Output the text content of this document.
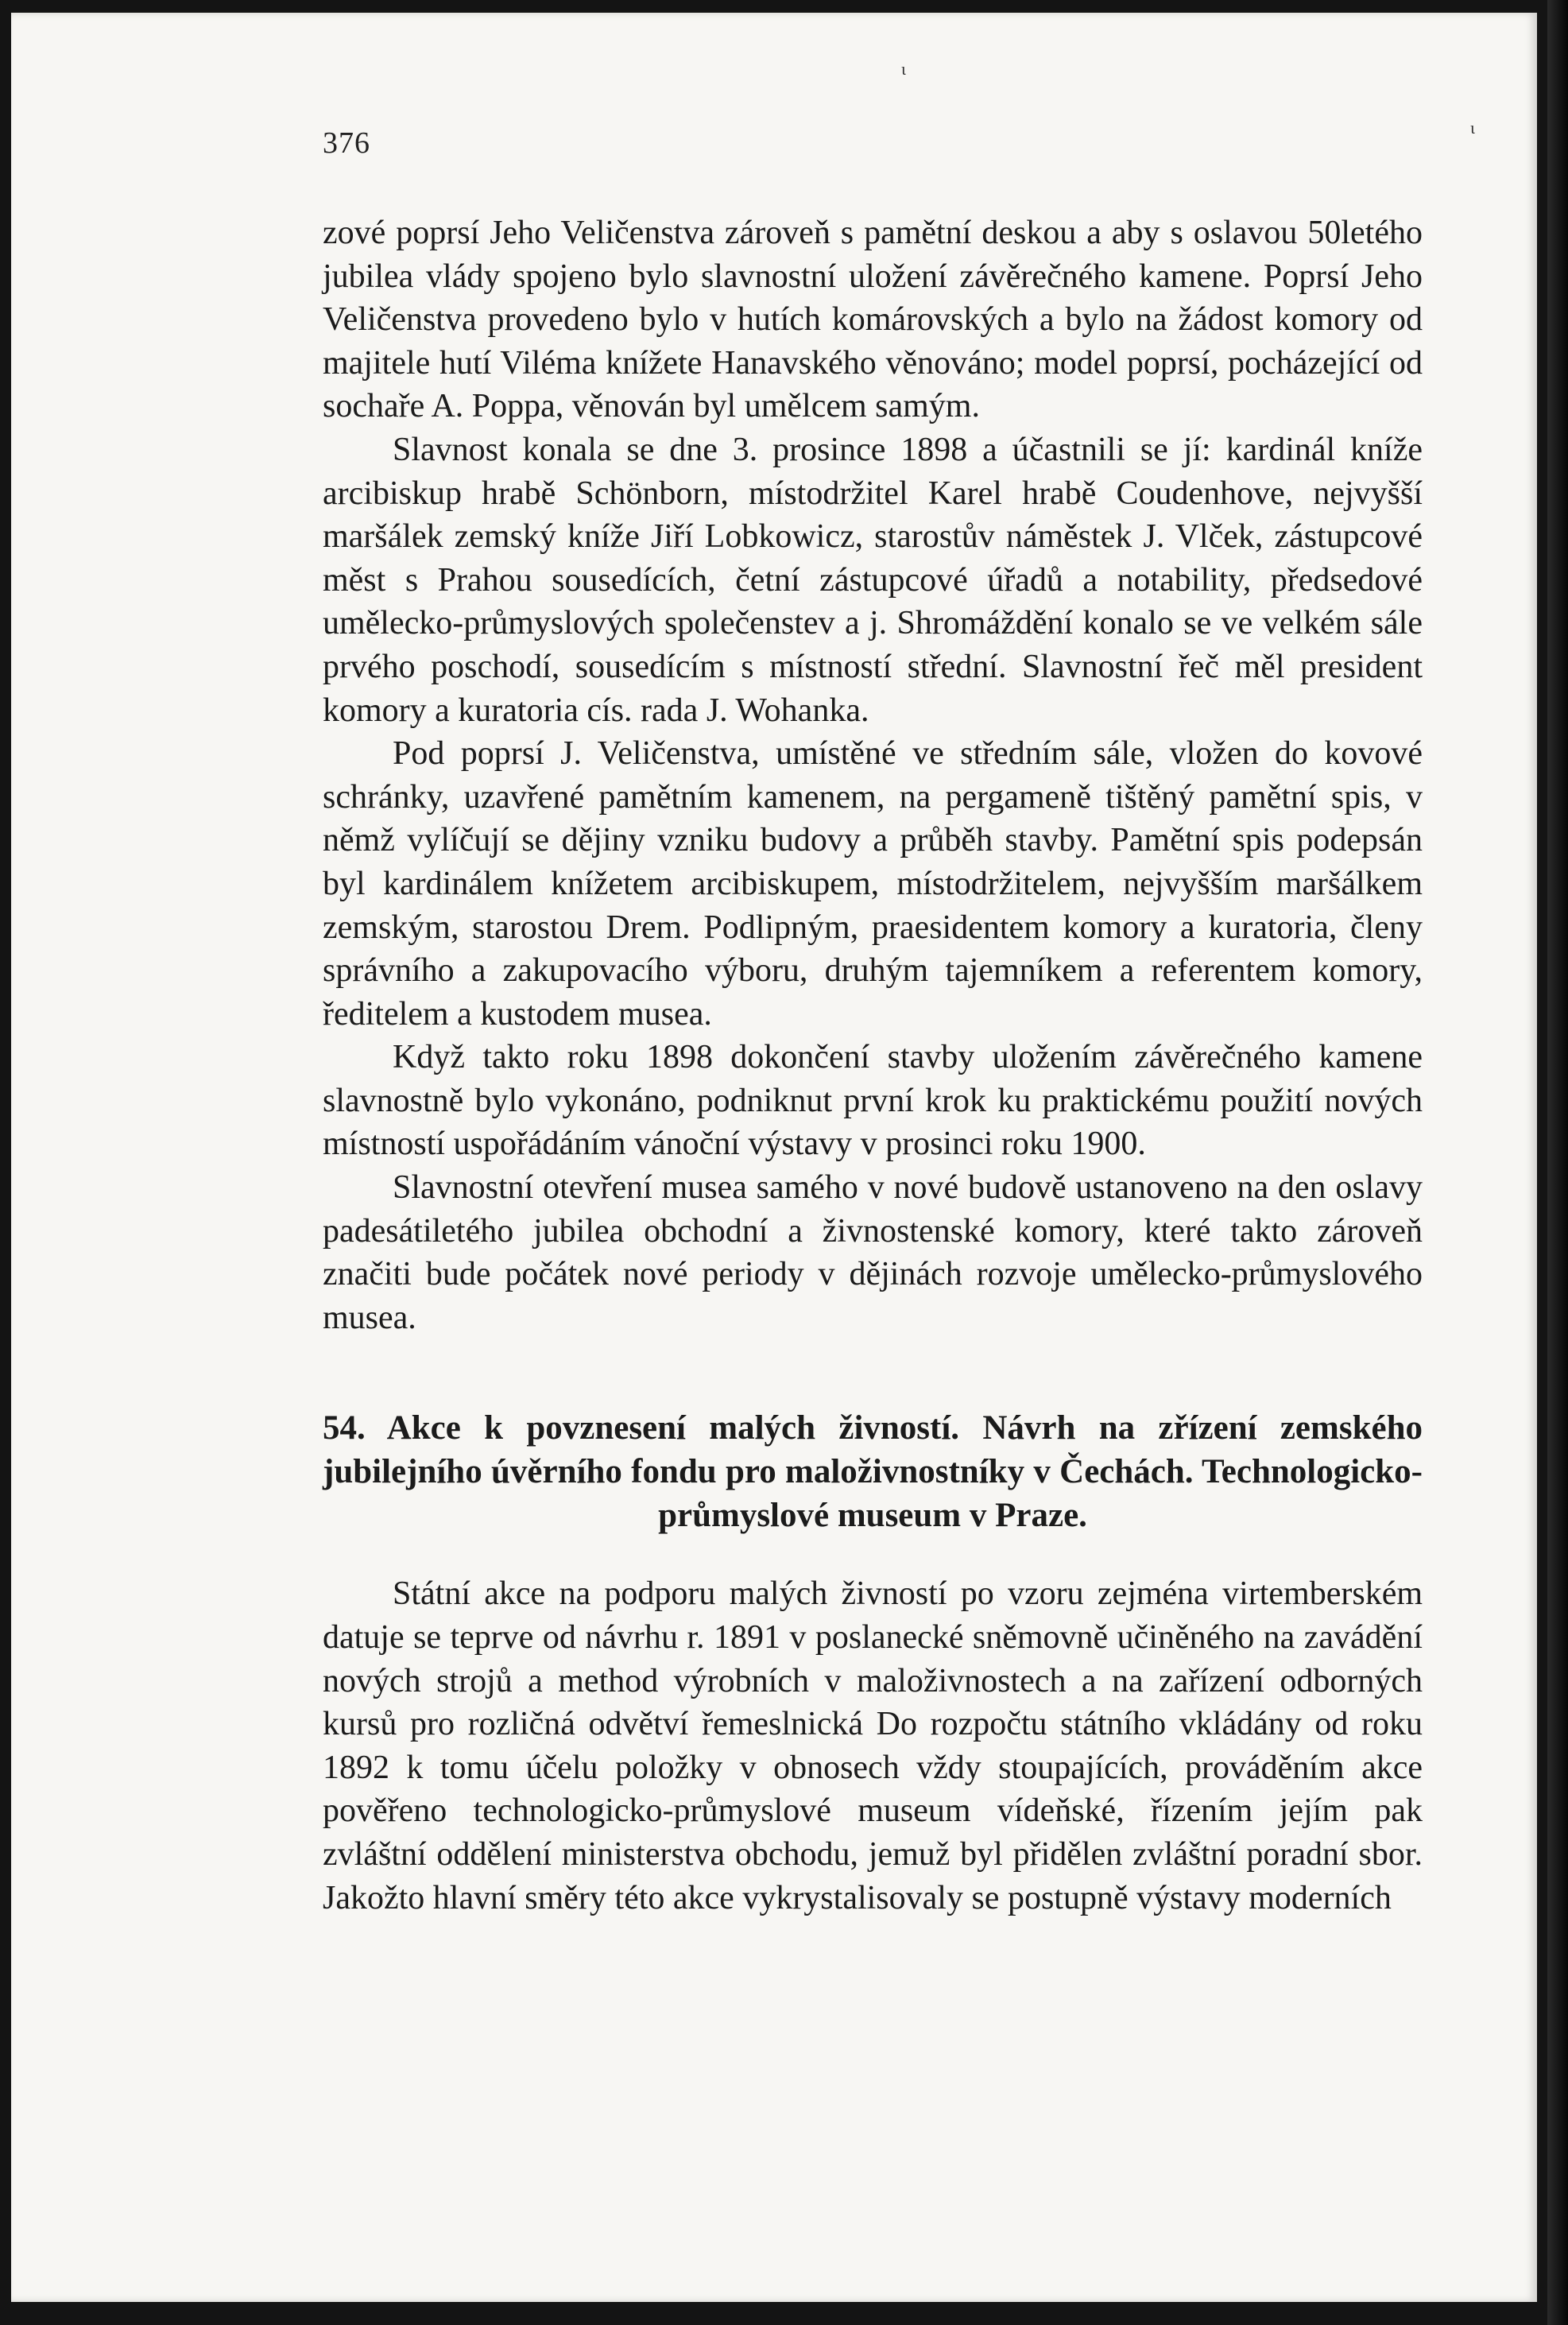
376

zové poprsí Jeho Veličenstva zároveň s pamětní deskou a aby s oslavou 50letého jubilea vlády spojeno bylo slavnostní uložení závěrečného kamene. Poprsí Jeho Veličenstva provedeno bylo v hutích komárovských a bylo na žádost komory od majitele hutí Viléma knížete Hanavského věnováno; model poprsí, pocházející od sochaře A. Poppa, věnován byl umělcem samým.

Slavnost konala se dne 3. prosince 1898 a účastnili se jí: kardinál kníže arcibiskup hrabě Schönborn, místodržitel Karel hrabě Coudenhove, nejvyšší maršálek zemský kníže Jiří Lobkowicz, starostův náměstek J. Vlček, zástupcové měst s Prahou sousedících, četní zástupcové úřadů a notability, předsedové umělecko-průmyslových společenstev a j. Shromáždění konalo se ve velkém sále prvého poschodí, sousedícím s místností střední. Slavnostní řeč měl president komory a kuratoria cís. rada J. Wohanka.

Pod poprsí J. Veličenstva, umístěné ve středním sále, vložen do kovové schránky, uzavřené pamětním kamenem, na pergameně tištěný pamětní spis, v němž vylíčují se dějiny vzniku budovy a průběh stavby. Pamětní spis podepsán byl kardinálem knížetem arcibiskupem, místodržitelem, nejvyšším maršálkem zemským, starostou Drem. Podlipným, praesidentem komory a kuratoria, členy správního a zakupovacího výboru, druhým tajemníkem a referentem komory, ředitelem a kustodem musea.

Když takto roku 1898 dokončení stavby uložením závěrečného kamene slavnostně bylo vykonáno, podniknut první krok ku praktickému použití nových místností uspořádáním vánoční výstavy v prosinci roku 1900.

Slavnostní otevření musea samého v nové budově ustanoveno na den oslavy padesátiletého jubilea obchodní a živnostenské komory, které takto zároveň značiti bude počátek nové periody v dějinách rozvoje umělecko-průmyslového musea.

54. Akce k povznesení malých živností. Návrh na zřízení zemského jubilejního úvěrního fondu pro maloživnostníky v Čechách. Technologicko-průmyslové museum v Praze.

Státní akce na podporu malých živností po vzoru zejména virtemberském datuje se teprve od návrhu r. 1891 v poslanecké sněmovně učiněného na zavádění nových strojů a method výrobních v maloživnostech a na zařízení odborných kursů pro rozličná odvětví řemeslnická Do rozpočtu státního vkládány od roku 1892 k tomu účelu položky v obnosech vždy stoupajících, prováděním akce pověřeno technologicko-průmyslové museum vídeňské, řízením jejím pak zvláštní oddělení ministerstva obchodu, jemuž byl přidělen zvláštní poradní sbor. Jakožto hlavní směry této akce vykrystalisovaly se postupně výstavy moderních

ɩ
ɩ
